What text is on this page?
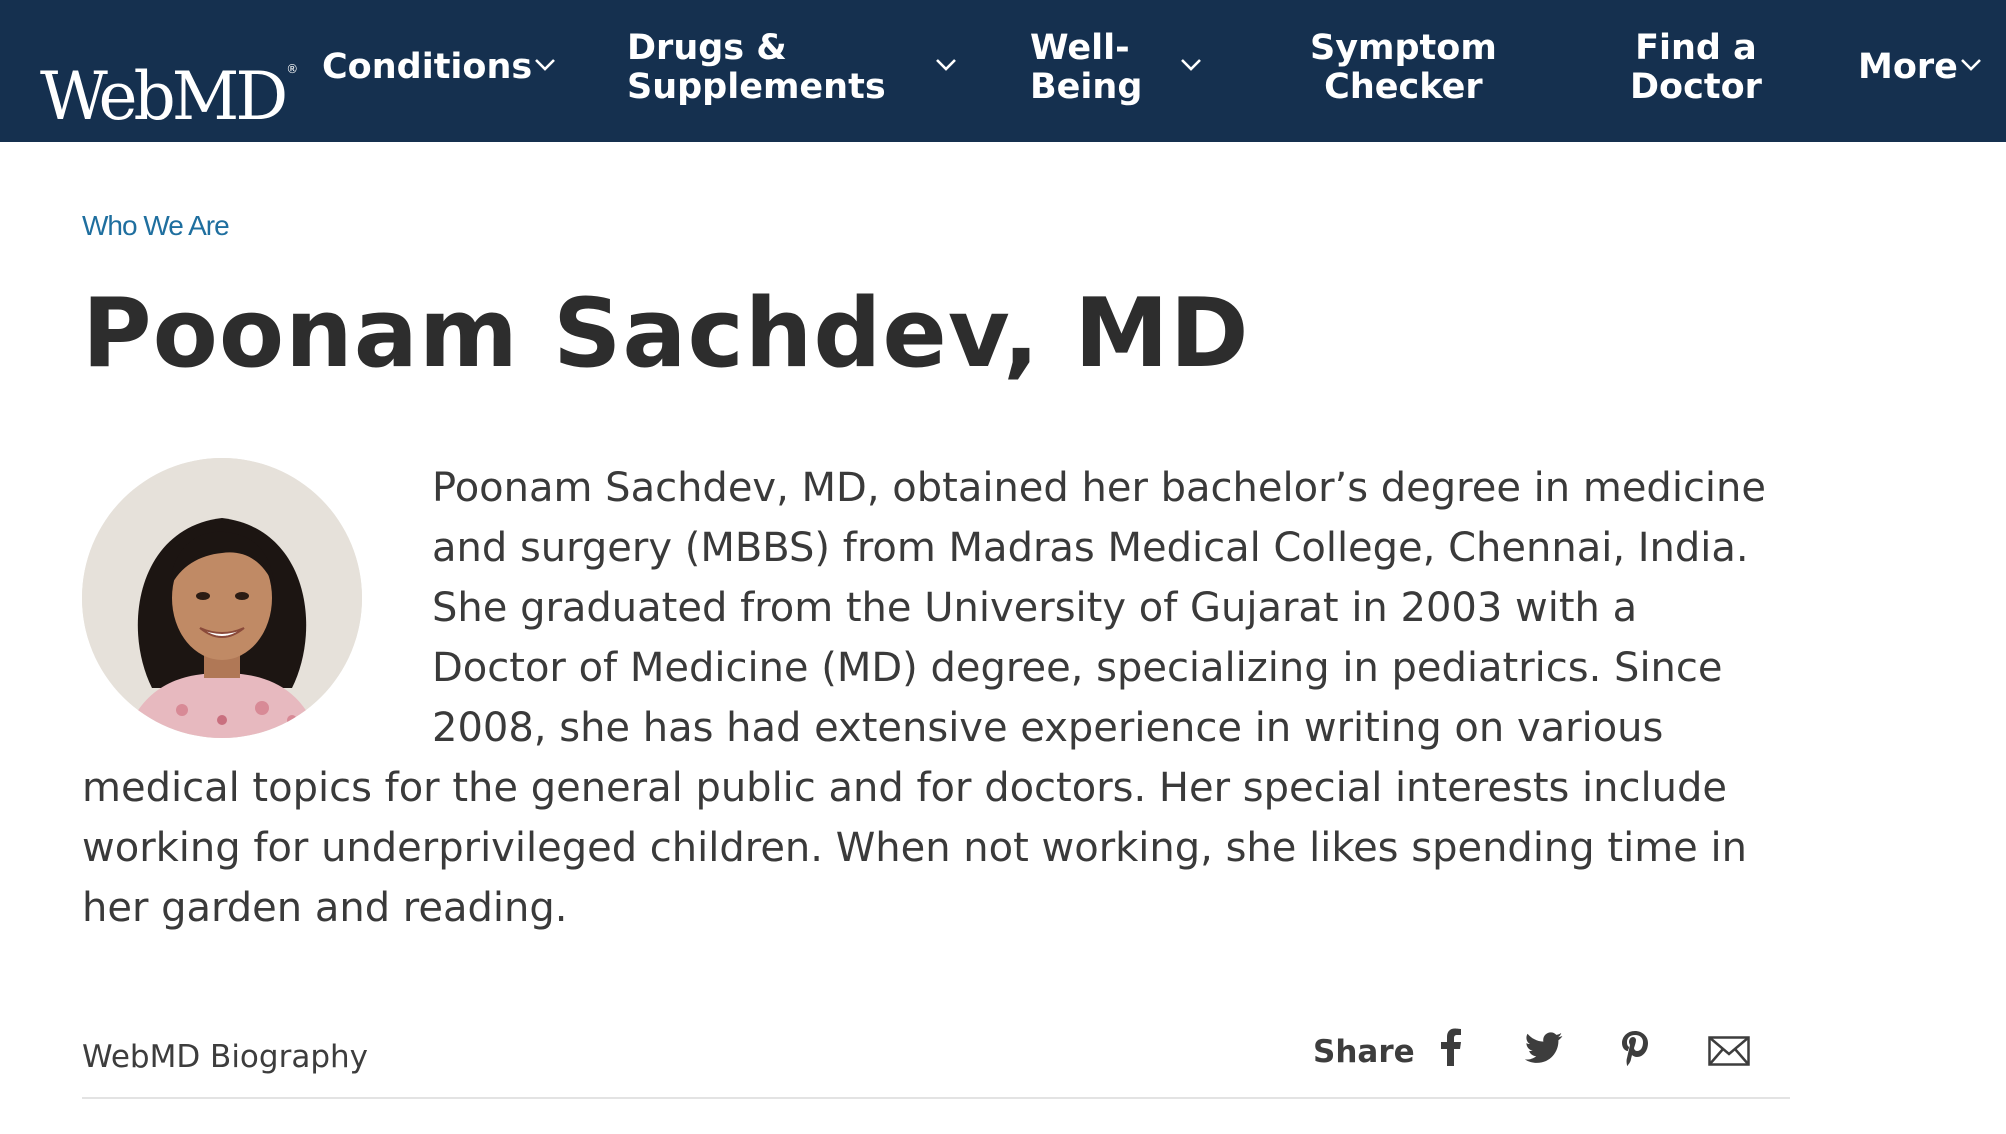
WebMD ® Conditions	Drugs &
Supplements
Well-
Being
Symptom
Checker
Find a
Doctor	More
Who We Are
Poonam Sachdev, MD

Poonam Sachdev, MD, obtained her bachelor’s degree in medicine and surgery (MBBS) from Madras Medical College, Chennai, India. She graduated from the University of Gujarat in 2003 with a Doctor of Medicine (MD) degree, specializing in pediatrics. Since 2008, she has had extensive experience in writing on various medical topics for the general public and for doctors. Her special interests include working for underprivileged children. When not working, she likes spending time in her garden and reading.

WebMD Biography	Share
